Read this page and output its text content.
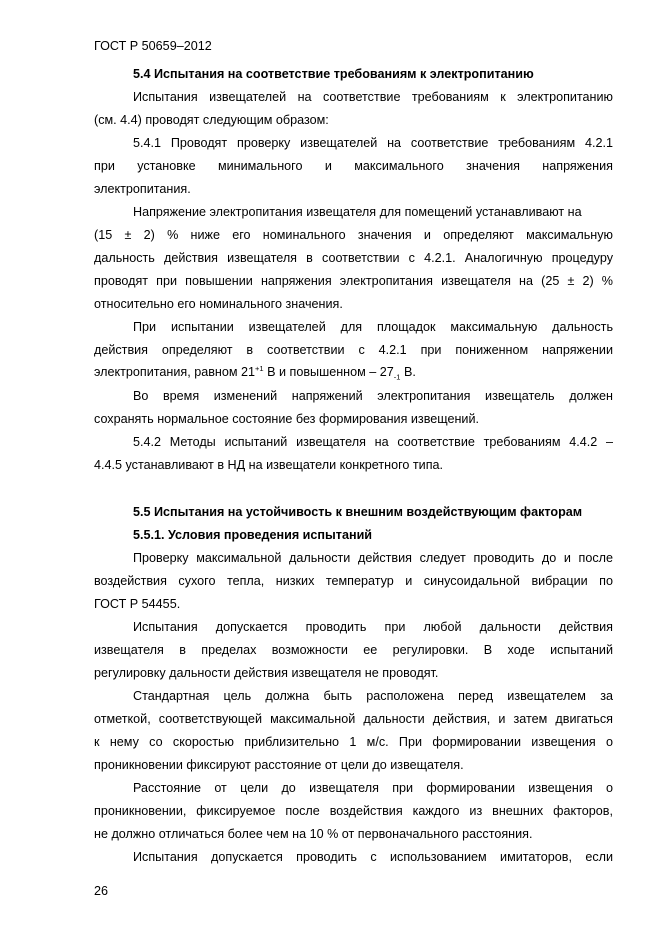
ГОСТ Р 50659–2012
5.4 Испытания на соответствие требованиям к электропитанию
Испытания извещателей на соответствие требованиям к электропитанию
(см. 4.4) проводят следующим образом:
5.4.1 Проводят проверку извещателей на соответствие требованиям 4.2.1
при установке минимального и максимального значения напряжения
электропитания.
Напряжение электропитания извещателя для помещений устанавливают на
(15 ± 2) % ниже его номинального значения и определяют максимальную
дальность действия извещателя в соответствии с 4.2.1. Аналогичную процедуру
проводят при повышении напряжения электропитания извещателя на (25 ± 2) %
относительно его номинального значения.
При испытании извещателей для площадок максимальную дальность
действия определяют в соответствии с 4.2.1 при пониженном напряжении
электропитания, равном $21^{+1}$ В и повышенном – $27_{-1}$ В.
Во время изменений напряжений электропитания извещатель должен
сохранять нормальное состояние без формирования извещений.
5.4.2 Методы испытаний извещателя на соответствие требованиям 4.4.2 –
4.4.5 устанавливают в НД на извещатели конкретного типа.
5.5 Испытания на устойчивость к внешним воздействующим факторам
5.5.1. Условия проведения испытаний
Проверку максимальной дальности действия следует проводить до и после
воздействия сухого тепла, низких температур и синусоидальной вибрации по
ГОСТ Р 54455.
Испытания допускается проводить при любой дальности действия
извещателя в пределах возможности ее регулировки. В ходе испытаний
регулировку дальности действия извещателя не проводят.
Стандартная цель должна быть расположена перед извещателем за
отметкой, соответствующей максимальной дальности действия, и затем двигаться
к нему со скоростью приблизительно 1 м/с. При формировании извещения о
проникновении фиксируют расстояние от цели до извещателя.
Расстояние от цели до извещателя при формировании извещения о
проникновении, фиксируемое после воздействия каждого из внешних факторов,
не должно отличаться более чем на 10 % от первоначального расстояния.
Испытания допускается проводить с использованием имитаторов, если
26
